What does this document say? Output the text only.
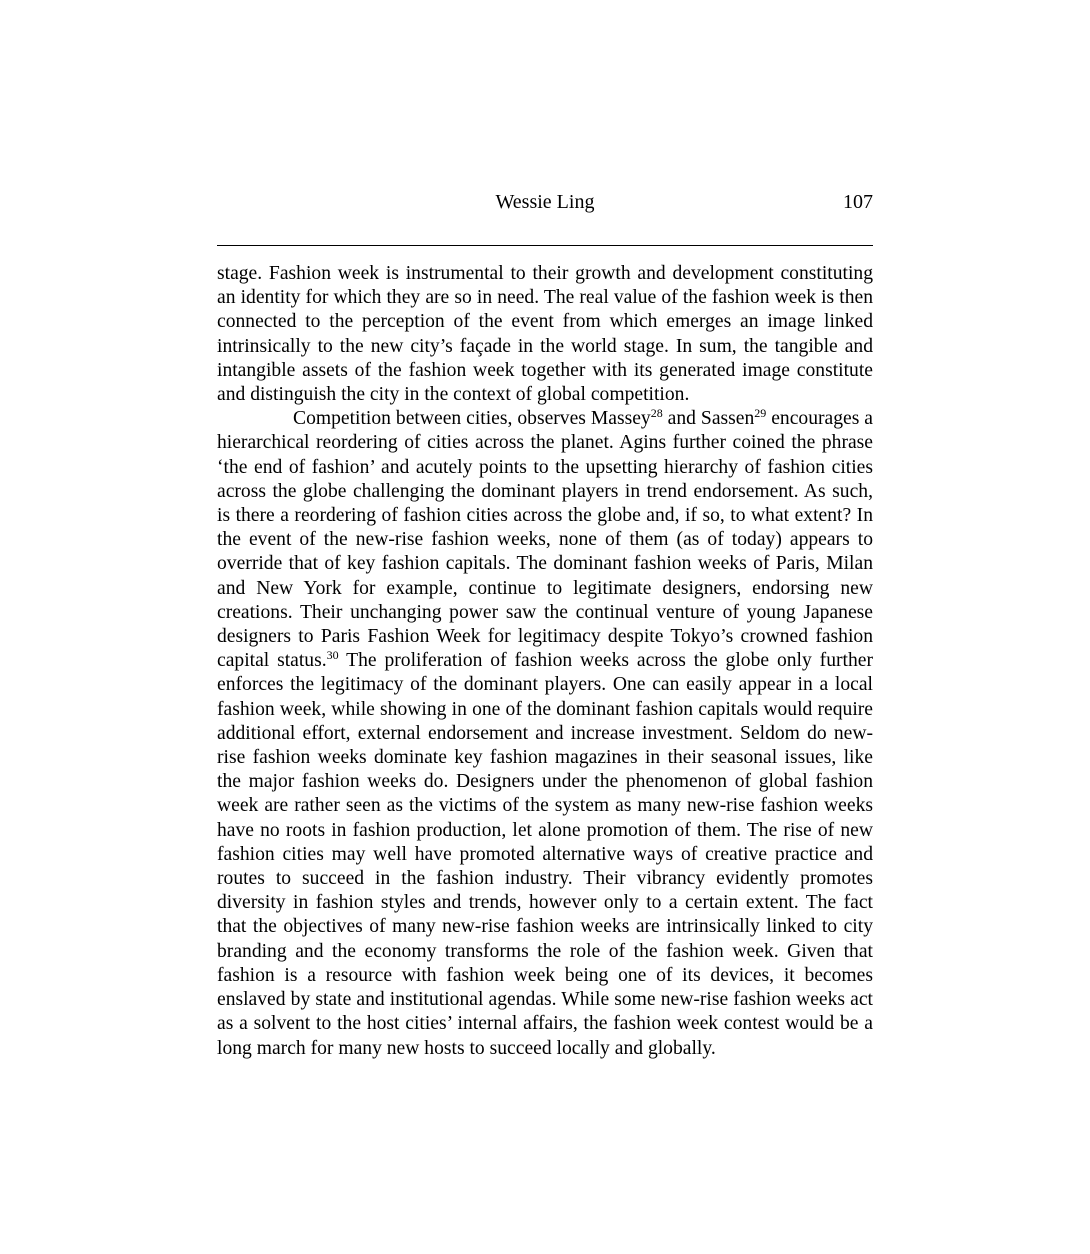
Wessie Ling	107

stage. Fashion week is instrumental to their growth and development constituting an identity for which they are so in need. The real value of the fashion week is then connected to the perception of the event from which emerges an image linked intrinsically to the new city’s façade in the world stage. In sum, the tangible and intangible assets of the fashion week together with its generated image constitute and distinguish the city in the context of global competition.

Competition between cities, observes Massey$^{28}$ and Sassen$^{29}$ encourages a hierarchical reordering of cities across the planet. Agins further coined the phrase ‘the end of fashion’ and acutely points to the upsetting hierarchy of fashion cities across the globe challenging the dominant players in trend endorsement. As such, is there a reordering of fashion cities across the globe and, if so, to what extent? In the event of the new-rise fashion weeks, none of them (as of today) appears to override that of key fashion capitals. The dominant fashion weeks of Paris, Milan and New York for example, continue to legitimate designers, endorsing new creations. Their unchanging power saw the continual venture of young Japanese designers to Paris Fashion Week for legitimacy despite Tokyo’s crowned fashion capital status.$^{30}$ The proliferation of fashion weeks across the globe only further enforces the legitimacy of the dominant players. One can easily appear in a local fashion week, while showing in one of the dominant fashion capitals would require additional effort, external endorsement and increase investment. Seldom do new-rise fashion weeks dominate key fashion magazines in their seasonal issues, like the major fashion weeks do. Designers under the phenomenon of global fashion week are rather seen as the victims of the system as many new-rise fashion weeks have no roots in fashion production, let alone promotion of them. The rise of new fashion cities may well have promoted alternative ways of creative practice and routes to succeed in the fashion industry. Their vibrancy evidently promotes diversity in fashion styles and trends, however only to a certain extent. The fact that the objectives of many new-rise fashion weeks are intrinsically linked to city branding and the economy transforms the role of the fashion week. Given that fashion is a resource with fashion week being one of its devices, it becomes enslaved by state and institutional agendas. While some new-rise fashion weeks act as a solvent to the host cities’ internal affairs, the fashion week contest would be a long march for many new hosts to succeed locally and globally.
